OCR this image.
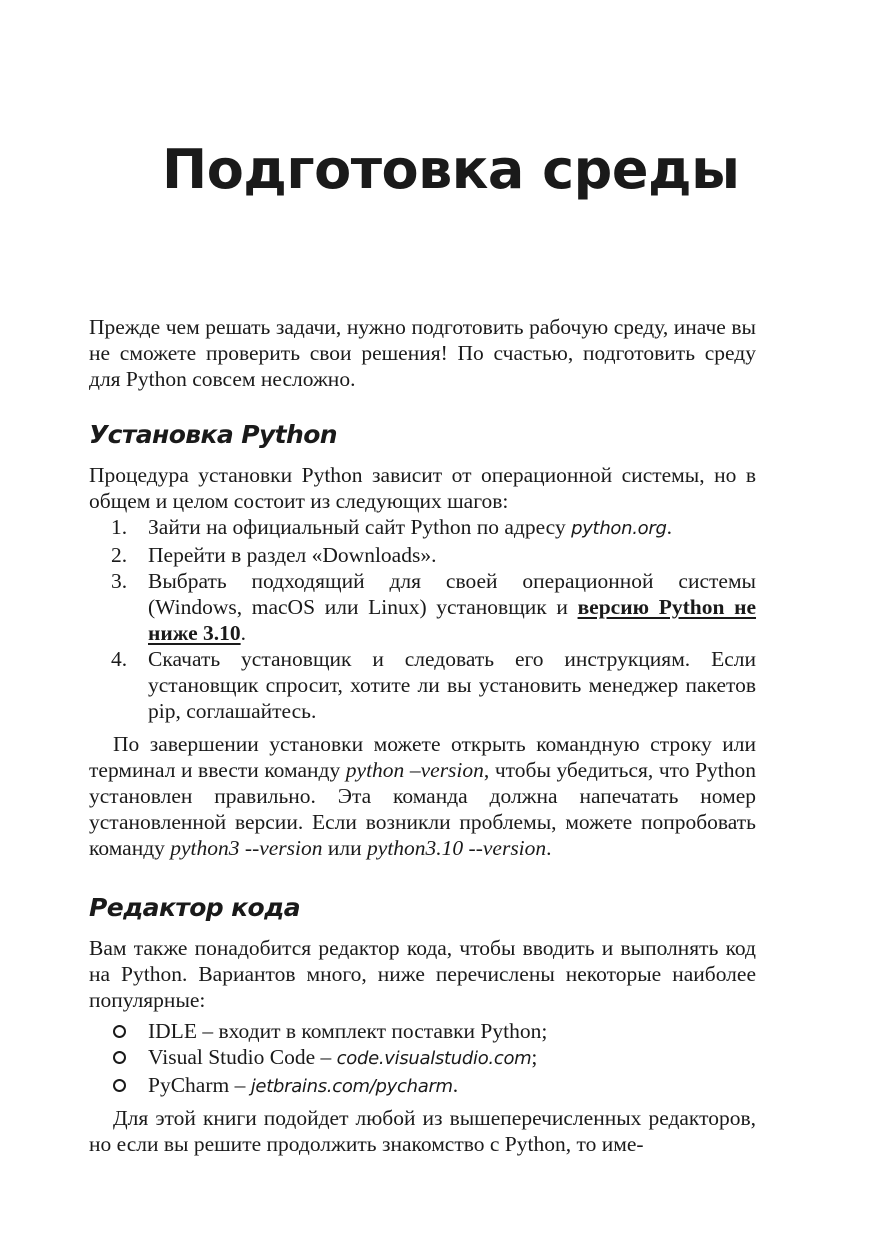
Подготовка среды

Прежде чем решать задачи, нужно подготовить рабочую среду, иначе вы не сможете проверить свои решения! По счастью, подготовить среду для Python совсем несложно.

Установка Python

Процедура установки Python зависит от операционной системы, но в общем и целом состоит из следующих шагов:

1. Зайти на официальный сайт Python по адресу python.org.
2. Перейти в раздел «Downloads».
3. Выбрать подходящий для своей операционной системы (Windows, macOS или Linux) установщик и версию Python не ниже 3.10.
4. Скачать установщик и следовать его инструкциям. Если установщик спросит, хотите ли вы установить менеджер пакетов pip, соглашайтесь.

По завершении установки можете открыть командную строку или терминал и ввести команду python –version, чтобы убедиться, что Python установлен правильно. Эта команда должна напечатать номер установленной версии. Если возникли проблемы, можете попробовать команду python3 --version или python3.10 --version.

Редактор кода

Вам также понадобится редактор кода, чтобы вводить и выполнять код на Python. Вариантов много, ниже перечислены некоторые наиболее популярные:

IDLE – входит в комплект поставки Python;
Visual Studio Code – code.visualstudio.com;
PyCharm – jetbrains.com/pycharm.

Для этой книги подойдет любой из вышеперечисленных редакторов, но если вы решите продолжить знакомство с Python, то име-
